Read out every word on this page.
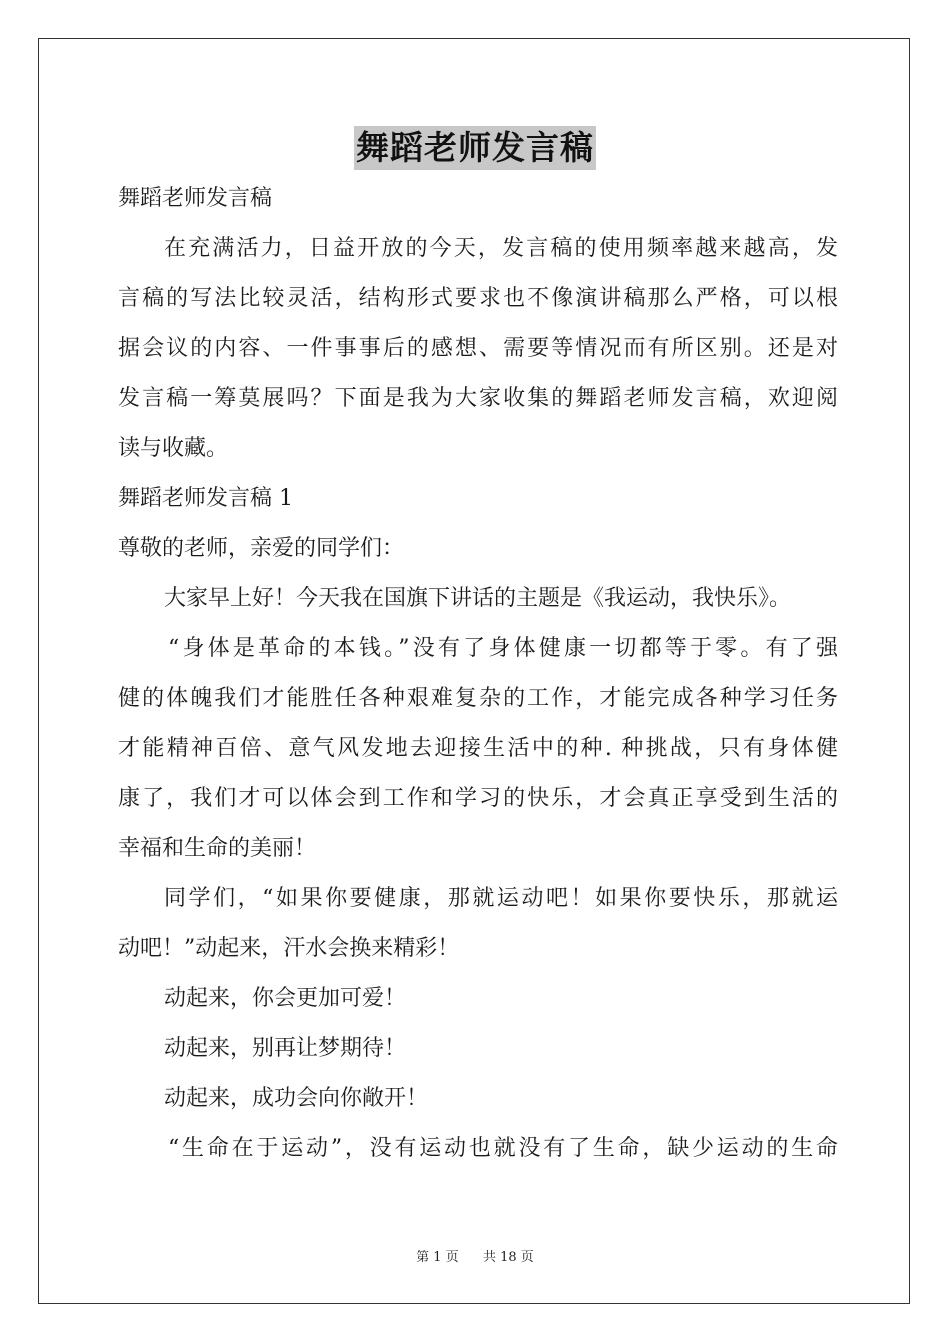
舞蹈老师发言稿
舞蹈老师发言稿
在充满活力，日益开放的今天，发言稿的使用频率越来越高，发
言稿的写法比较灵活，结构形式要求也不像演讲稿那么严格，可以根
据会议的内容、一件事事后的感想、需要等情况而有所区别。还是对
发言稿一筹莫展吗？下面是我为大家收集的舞蹈老师发言稿，欢迎阅
读与收藏。
舞蹈老师发言稿 1
尊敬的老师，亲爱的同学们：
大家早上好！今天我在国旗下讲话的主题是《我运动，我快乐》。
“身体是革命的本钱。”没有了身体健康一切都等于零。有了强
健的体魄我们才能胜任各种艰难复杂的工作，才能完成各种学习任务
才能精神百倍、意气风发地去迎接生活中的种. 种挑战，只有身体健
康了，我们才可以体会到工作和学习的快乐，才会真正享受到生活的
幸福和生命的美丽！
同学们，“如果你要健康，那就运动吧！如果你要快乐，那就运
动吧！”动起来，汗水会换来精彩！
动起来，你会更加可爱！
动起来，别再让梦期待！
动起来，成功会向你敞开！
“生命在于运动”，没有运动也就没有了生命，缺少运动的生命
第 1 页 共 18 页
